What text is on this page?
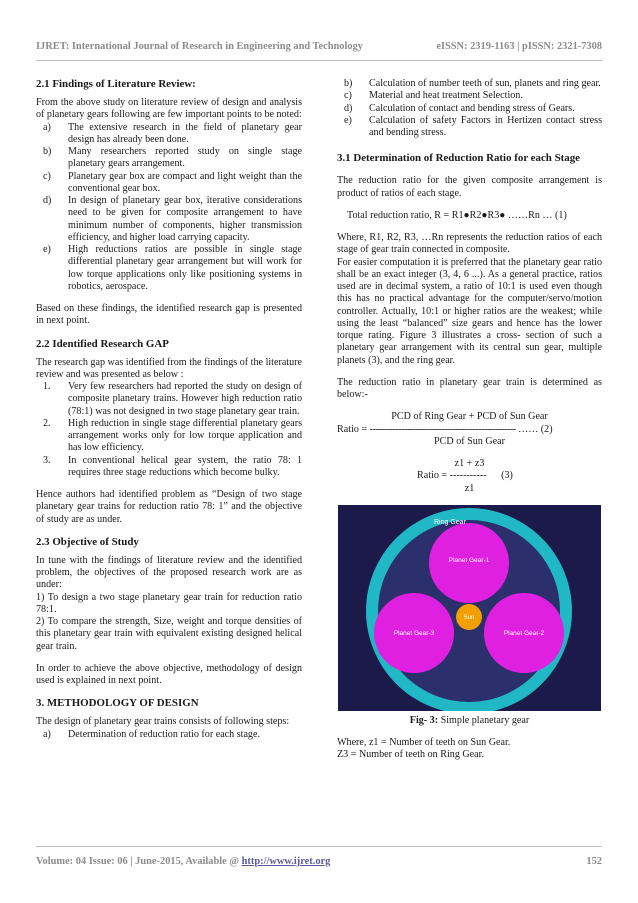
IJRET: International Journal of Research in Engineering and Technology	eISSN: 2319-1163 | pISSN: 2321-7308
2.1 Findings of Literature Review:

From the above study on literature review of design and analysis of planetary gears following are few important points to be noted:

a) The extensive research in the field of planetary gear design has already been done.
b) Many researchers reported study on single stage planetary gears arrangement.
c) Planetary gear box are compact and light weight than the conventional gear box.
d) In design of planetary gear box, iterative considerations need to be given for composite arrangement to have minimum number of components, higher transmission efficiency, and higher load carrying capacity.
e) High reductions ratios are possible in single stage differential planetary gear arrangement but will work for low torque applications only like positioning systems in robotics, aerospace.

Based on these findings, the identified research gap is presented in next point.

2.2 Identified Research GAP

The research gap was identified from the findings of the literature review and was presented as below :

1. Very few researchers had reported the study on design of composite planetary trains. However high reduction ratio (78:1) was not designed in two stage planetary gear train.
2. High reduction in single stage differential planetary gears arrangement works only for low torque application and has low efficiency.
3. In conventional helical gear system, the ratio 78: 1 requires three stage reductions which become bulky.

Hence authors had identified problem as “Design of two stage planetary gear trains for reduction ratio 78: 1” and the objective of study are as under.

2.3 Objective of Study

In tune with the findings of literature review and the identified problem, the objectives of the proposed research work are as under:

1) To design a two stage planetary gear train for reduction ratio 78:1.

2) To compare the strength, Size, weight and torque densities of this planetary gear train with equivalent existing designed helical gear train.

In order to achieve the above objective, methodology of design used is explained in next point.

3. METHODOLOGY OF DESIGN

The design of planetary gear trains consists of following steps:

a) Determination of reduction ratio for each stage.
b) Calculation of number teeth of sun, planets and ring gear.
c) Material and heat treatment Selection.
d) Calculation of contact and bending stress of Gears.
e) Calculation of safety Factors in Hertizen contact stress and bending stress.
3.1 Determination of Reduction Ratio for each Stage

The reduction ratio for the given composite arrangement is product of ratios of each stage.

Total reduction ratio, R = R1●R2●R3● ……Rn … (1)

Where, R1, R2, R3, …Rn represents the reduction ratios of each stage of gear train connected in composite.

For easier computation it is preferred that the planetary gear ratio shall be an exact integer (3, 4, 6 ...). As a general practice, ratios used are in decimal system, a ratio of 10:1 is used even though this has no practical advantage for the computer/servo/motion controller. Actually, 10:1 or higher ratios are the weakest; while using the least “balanced” size gears and hence has the lower torque rating. Figure 3 illustrates a cross- section of such a planetary gear arrangement with its central sun gear, multiple planets (3), and the ring gear.

The reduction ratio in planetary gear train is determined as below:-

PCD of Ring Gear + PCD of Sun Gear
Ratio = --------------------------------------------------- …… (2)
PCD of Sun Gear
z1 + z3
Ratio = ----------- (3)
z1
Ring Gear
Planet Gear-1
Planet Gear-3	Planet Gear-2
Sun
Fig- 3: Simple planetary gear

Where, z1 = Number of teeth on Sun Gear.

Z3 = Number of teeth on Ring Gear.

Volume: 04 Issue: 06 | June-2015, Available @ http://www.ijret.org	152
